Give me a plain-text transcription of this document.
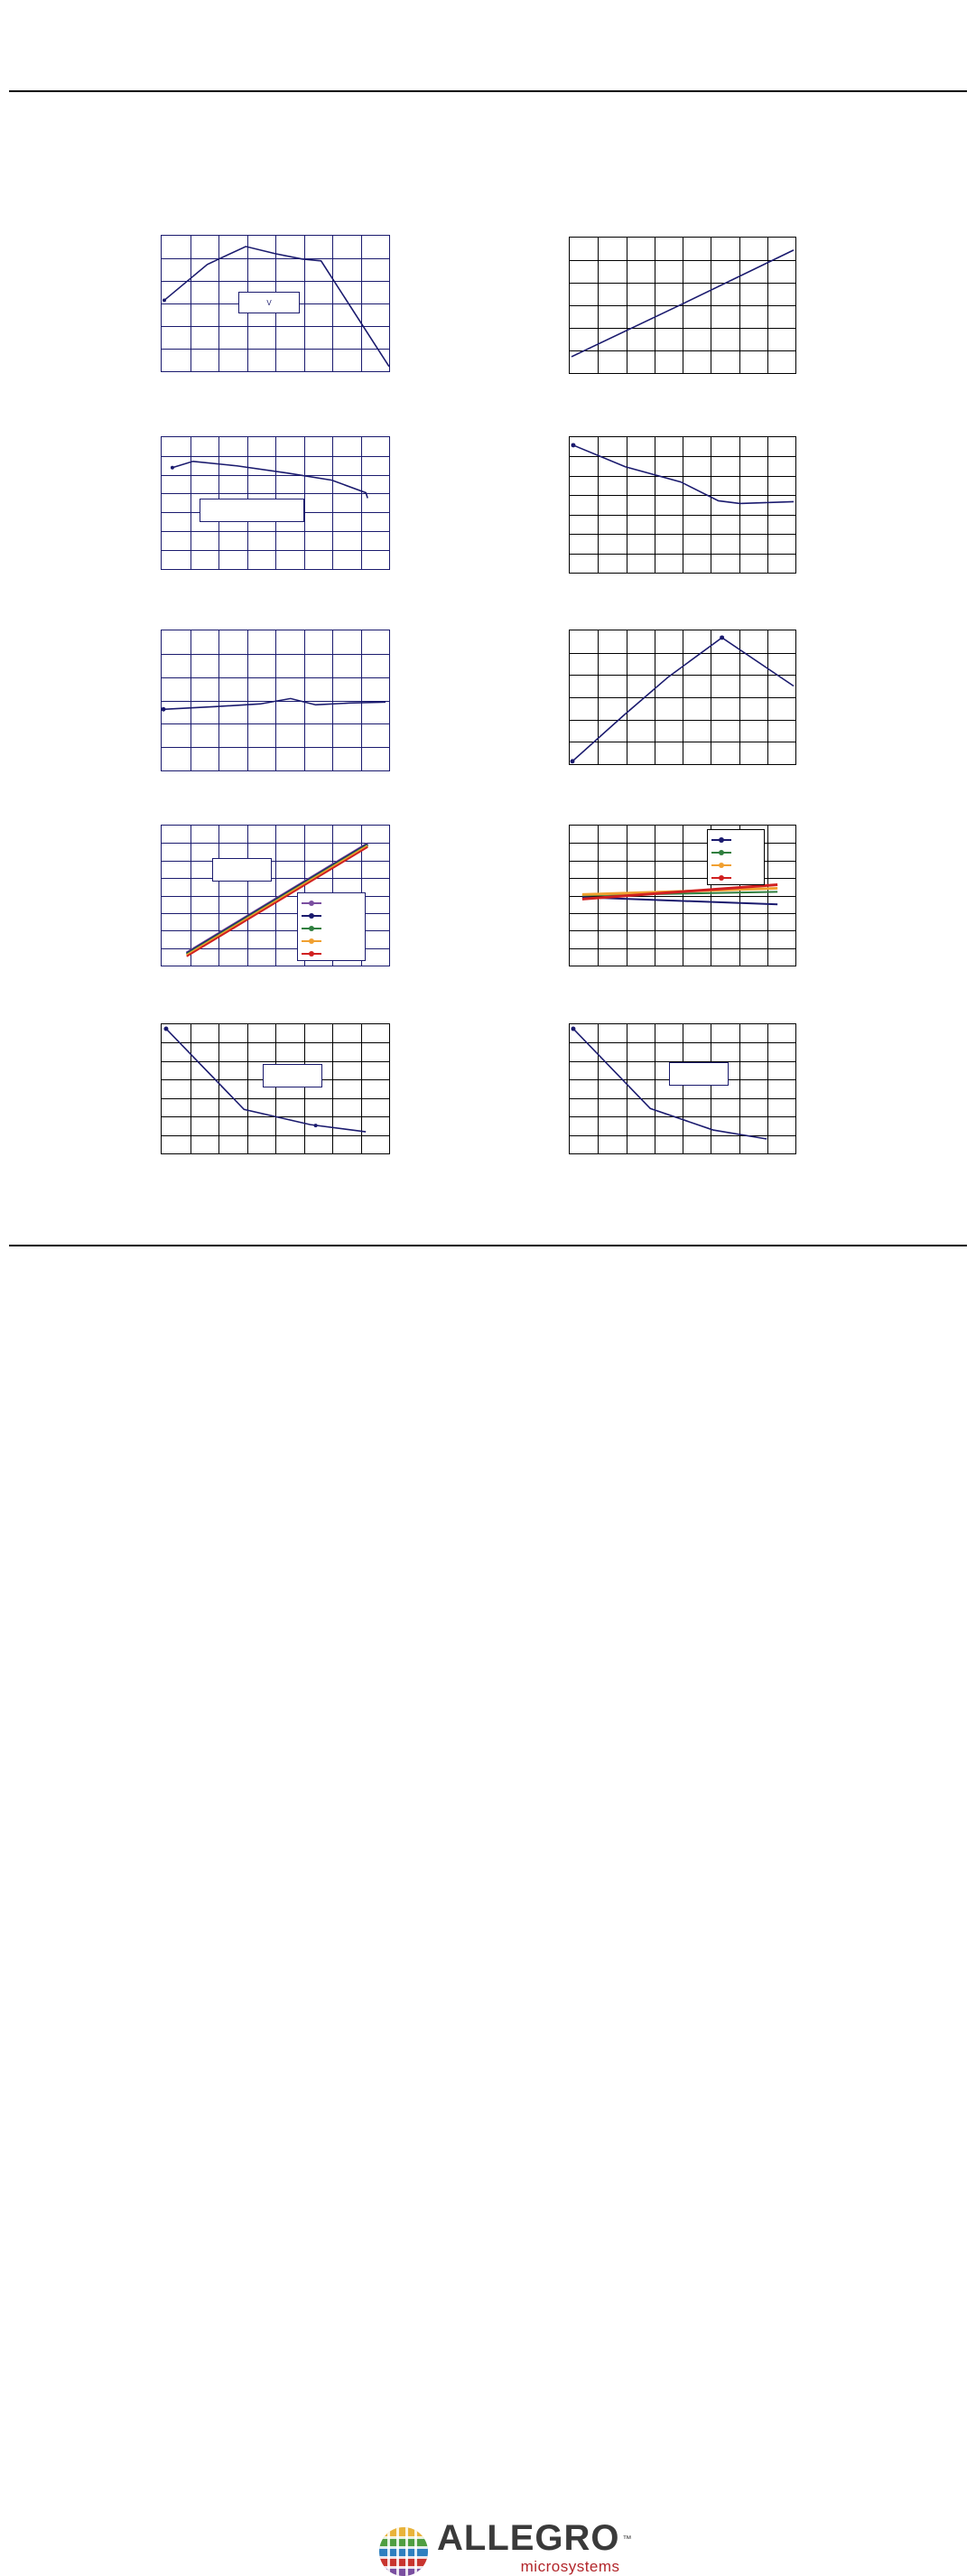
V
ALLEGRO ™
microsystems
